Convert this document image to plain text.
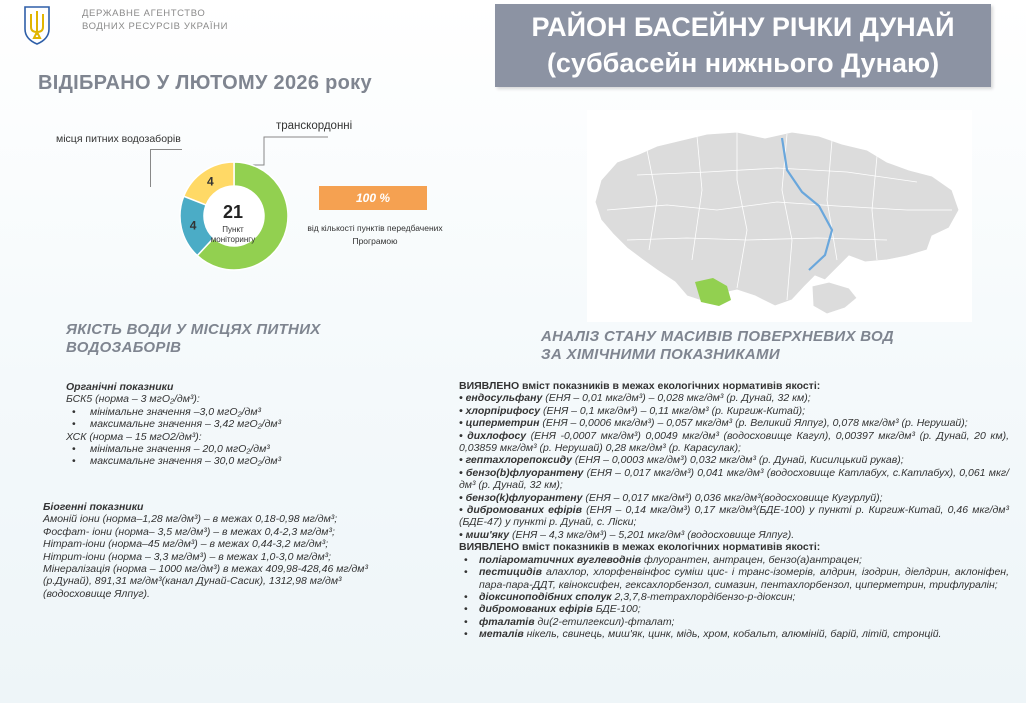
ДЕРЖАВНЕ АГЕНТСТВО
ВОДНИХ РЕСУРСІВ УКРАЇНИ	РАЙОН БАСЕЙНУ РІЧКИ ДУНАЙ
(суббасейн нижнього Дунаю)
ВІДІБРАНО У ЛЮТОМУ 2026 року
місця питних водозаборів
транскордонні
4
4
21
Пункт
моніторингу
100 %
від кількості пунктів передбачених
Програмою
ЯКІСТЬ ВОДИ У МІСЦЯХ ПИТНИХ
ВОДОЗАБОРІВ
АНАЛІЗ СТАНУ МАСИВІВ ПОВЕРХНЕВИХ ВОД
ЗА ХІМІЧНИМИ ПОКАЗНИКАМИ
Органічні показники
БСК5 (норма – 3 мгО₂/дм³):
• мінімальне значення –3,0 мгО₂/дм³
• максимальне значення – 3,42 мгО₂/дм³
ХСК (норма – 15 мгО2/дм³):
• мінімальне значення – 20,0 мгО₂/дм³
• максимальне значення – 30,0 мгО₂/дм³
Біогенні показники
Амоній іони (норма–1,28 мг/дм³) – в межах 0,18-0,98 мг/дм³;
Фосфат- іони (норма– 3,5 мг/дм³) – в межах 0,4-2,3 мг/дм³;
Нітрат-іони (норма–45 мг/дм³) – в межах 0,44-3,2 мг/дм³;
Нітрит-іони (норма – 3,3 мг/дм³) – в межах 1,0-3,0 мг/дм³;
Мінералізація (норма – 1000 мг/дм³) в межах 409,98-428,46 мг/дм³
(р.Дунай), 891,31 мг/дм³(канал Дунай-Сасик), 1312,98 мг/дм³
(водосховище Ялпуг).
ВИЯВЛЕНО вміст показників в межах екологічних нормативів якості:
• ендосульфану (ЕНЯ – 0,01 мкг/дм³) – 0,028 мкг/дм³ (р. Дунай, 32 км);
• хлорпірифосу (ЕНЯ – 0,1 мкг/дм³) – 0,11 мкг/дм³ (р. Киргиж-Китай);
• циперметрин (ЕНЯ – 0,0006 мкг/дм³) – 0,057 мкг/дм³ (р. Великий Ялпуг), 0,078 мкг/дм³ (р. Нерушай);
• дихлофосу (ЕНЯ -0,0007 мкг/дм³) 0,0049 мкг/дм³ (водосховище Кагул), 0,00397 мкг/дм³ (р. Дунай, 20 км), 0,03859 мкг/дм³ (р. Нерушай) 0,28 мкг/дм³ (р. Карасулак);
• гептахлорепоксиду (ЕНЯ – 0,0003 мкг/дм³) 0,032 мкг/дм³ (р. Дунай, Кисилцький рукав);
• бензо(b)флуорантену (ЕНЯ – 0,017 мкг/дм³) 0,041 мкг/дм³ (водосховище Катлабух, с.Катлабух), 0,061 мкг/дм³ (р. Дунай, 32 км);
• бензо(k)флуорантену (ЕНЯ – 0,017 мкг/дм³) 0,036 мкг/дм³(водосховище Кугурлуй);
• дибромованих ефірів (ЕНЯ – 0,14 мкг/дм³) 0,17 мкг/дм³(БДЕ-100) у пункті р. Киргиж-Китай, 0,46 мкг/дм³ (БДЕ-47) у пункті р. Дунай, с. Ліски;
• миш'яку (ЕНЯ – 4,3 мкг/дм³) – 5,201 мкг/дм³ (водосховище Ялпуг).
ВИЯВЛЕНО вміст показників в межах екологічних нормативів якості:
• поліароматичних вуглеводнів флуорантен, антрацен, бензо(а)антрацен;
• пестицидів алахлор, хлорфенвінфос суміш цис- і транс-ізомерів, алдрин, ізодрин, діелдрин, аклоніфен, пара-пара-ДДТ, квіноксифен, гексахлорбензол, симазин, пентахлорбензол, циперметрин, трифлуралін;
• діоксиноподібних сполук 2,3,7,8-тетрахлордібензо-р-діоксин;
• дибромованих ефірів БДЕ-100;
• фталатів ди(2-етилгексил)-фталат;
• металів нікель, свинець, миш'як, цинк, мідь, хром, кобальт, алюміній, барій, літій, стронцій.
